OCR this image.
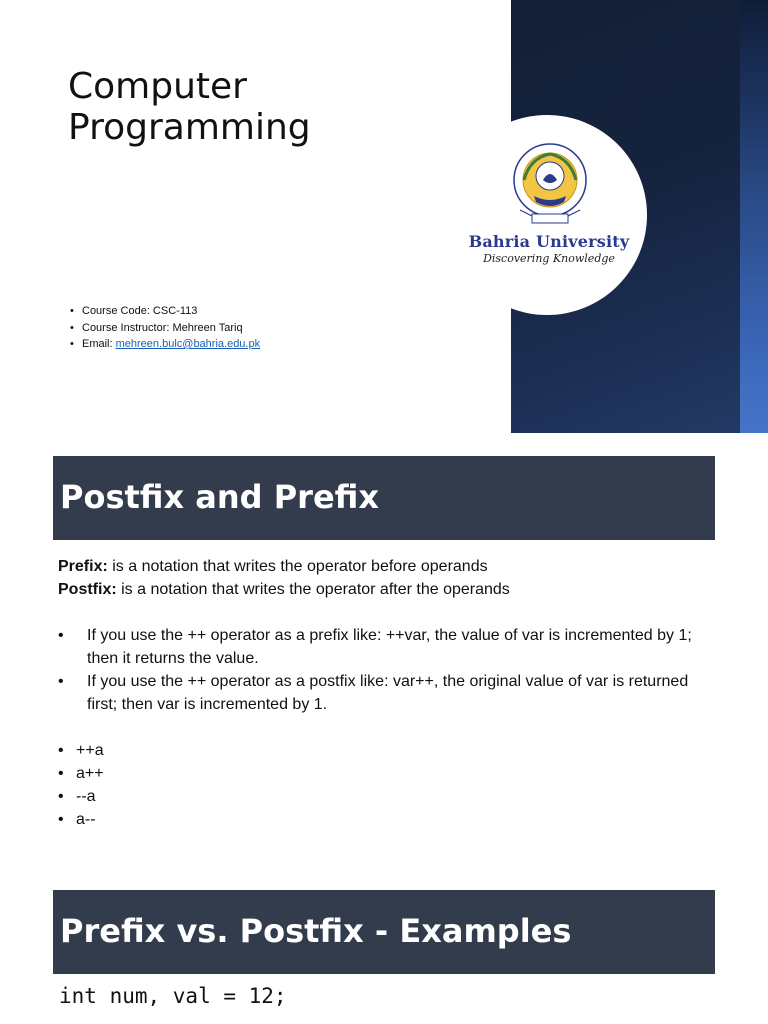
Computer
Programming
• Course Code: CSC-113
• Course Instructor: Mehreen Tariq
• Email: mehreen.bulc@bahria.edu.pk
Bahria University
Discovering Knowledge
Postfix and Prefix
Prefix: is a notation that writes the operator before operands
Postfix: is a notation that writes the operator after the operands
• If you use the ++ operator as a prefix like: ++var, the value of var is incremented by 1; then it returns the value.
• If you use the ++ operator as a postfix like: var++, the original value of var is returned first; then var is incremented by 1.
• ++a
• a++
• --a
• a--
Prefix vs. Postfix - Examples
int num, val = 12;
